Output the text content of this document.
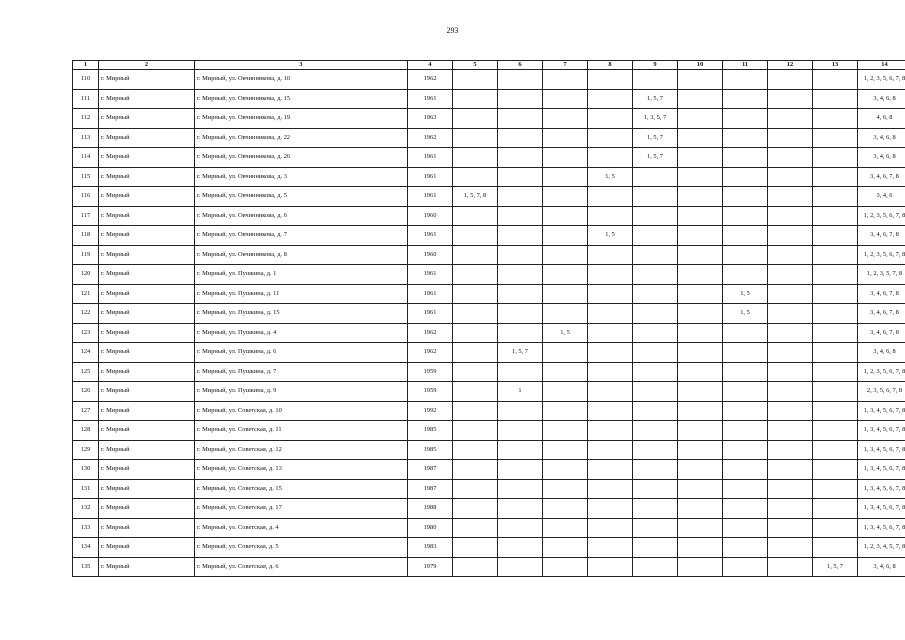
293
1	2	3	4	5	6	7	8	9	10	11	12	13	14
110	г. Мирный	г. Мирный, ул. Овчинникова, д. 10	1962										1, 2, 3, 5, 6, 7, 8
111	г. Мирный	г. Мирный, ул. Овчинникова, д. 15	1961					1, 5, 7					3, 4, 6, 8
112	г. Мирный	г. Мирный, ул. Овчинникова, д. 19	1963					1, 3, 5, 7					4, 6, 8
113	г. Мирный	г. Мирный, ул. Овчинникова, д. 22	1962					1, 5, 7					3, 4, 6, 8
114	г. Мирный	г. Мирный, ул. Овчинникова, д. 26	1961					1, 5, 7					3, 4, 6, 8
115	г. Мирный	г. Мирный, ул. Овчинникова, д. 3	1961				1, 5						3, 4, 6, 7, 8
116	г. Мирный	г. Мирный, ул. Овчинникова, д. 5	1961	1, 5, 7, 8									3, 4, 6
117	г. Мирный	г. Мирный, ул. Овчинникова, д. 6	1960										1, 2, 3, 5, 6, 7, 8
118	г. Мирный	г. Мирный, ул. Овчинникова, д. 7	1961				1, 5						3, 4, 6, 7, 8
119	г. Мирный	г. Мирный, ул. Овчинникова, д. 8	1960										1, 2, 3, 5, 6, 7, 8
120	г. Мирный	г. Мирный, ул. Пушкина, д. 1	1961										1, 2, 3, 5, 7, 8
121	г. Мирный	г. Мирный, ул. Пушкина, д. 11	1961							1, 5			3, 4, 6, 7, 8
122	г. Мирный	г. Мирный, ул. Пушкина, д. 15	1961							1, 5			3, 4, 6, 7, 8
123	г. Мирный	г. Мирный, ул. Пушкина, д. 4	1962			1, 5							3, 4, 6, 7, 8
124	г. Мирный	г. Мирный, ул. Пушкина, д. 6	1962		1, 5, 7								3, 4, 6, 8
125	г. Мирный	г. Мирный, ул. Пушкина, д. 7	1959										1, 2, 3, 5, 6, 7, 8
126	г. Мирный	г. Мирный, ул. Пушкина, д. 9	1959		1								2, 3, 5, 6, 7, 8
127	г. Мирный	г. Мирный, ул. Советская, д. 10	1992										1, 3, 4, 5, 6, 7, 8
128	г. Мирный	г. Мирный, ул. Советская, д. 11	1985										1, 3, 4, 5, 6, 7, 8
129	г. Мирный	г. Мирный, ул. Советская, д. 12	1985										1, 3, 4, 5, 6, 7, 8
130	г. Мирный	г. Мирный, ул. Советская, д. 13	1987										1, 3, 4, 5, 6, 7, 8
131	г. Мирный	г. Мирный, ул. Советская, д. 15	1987										1, 3, 4, 5, 6, 7, 8
132	г. Мирный	г. Мирный, ул. Советская, д. 17	1988										1, 3, 4, 5, 6, 7, 8
133	г. Мирный	г. Мирный, ул. Советская, д. 4	1980										1, 3, 4, 5, 6, 7, 8
134	г. Мирный	г. Мирный, ул. Советская, д. 5	1983										1, 2, 3, 4, 5, 7, 8
135	г. Мирный	г. Мирный, ул. Советская, д. 6	1979									1, 5, 7	3, 4, 6, 8
